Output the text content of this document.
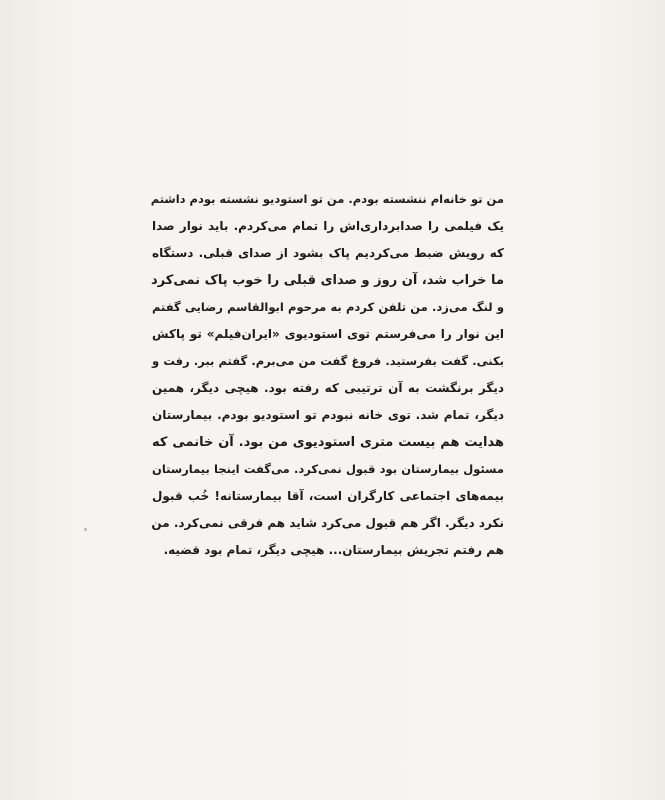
من تو خانه‌ام ننشسته بودم. من تو استودیو نشسته بودم داشتم
یک فیلمی را صدابرداری‌اش را تمام می‌کردم. باید نوار صدا
که رویش ضبط می‌کردیم پاک بشود از صدای قبلی. دستگاه
ما خراب شد، آن روز و صدای قبلی را خوب پاک نمی‌کرد
و لنگ می‌زد. من تلفن کردم به مرحوم ابوالقاسم رضایی گفتم
این نوار را می‌فرستم توی استودیوی «ایران‌فیلم» تو پاکش
بکنی. گفت بفرستید. فروغ گفت من می‌برم. گفتم ببر. رفت و
دیگر برنگشت به آن ترتیبی که رفته بود. هیچی دیگر، همین
دیگر، تمام شد. توی خانه نبودم تو استودیو بودم. بیمارستان
هدایت هم بیست متری استودیوی من بود. آن خانمی که
مسئول بیمارستان بود قبول نمی‌کرد. می‌گفت اینجا بیمارستان
بیمه‌های اجتماعی کارگران است، آقا بیمارستانه! خُب قبول
نکرد دیگر. اگر هم قبول می‌کرد شاید هم فرقی نمی‌کرد. من
هم رفتم تجریش بیمارستان... هیچی دیگر، تمام بود قضیه.
